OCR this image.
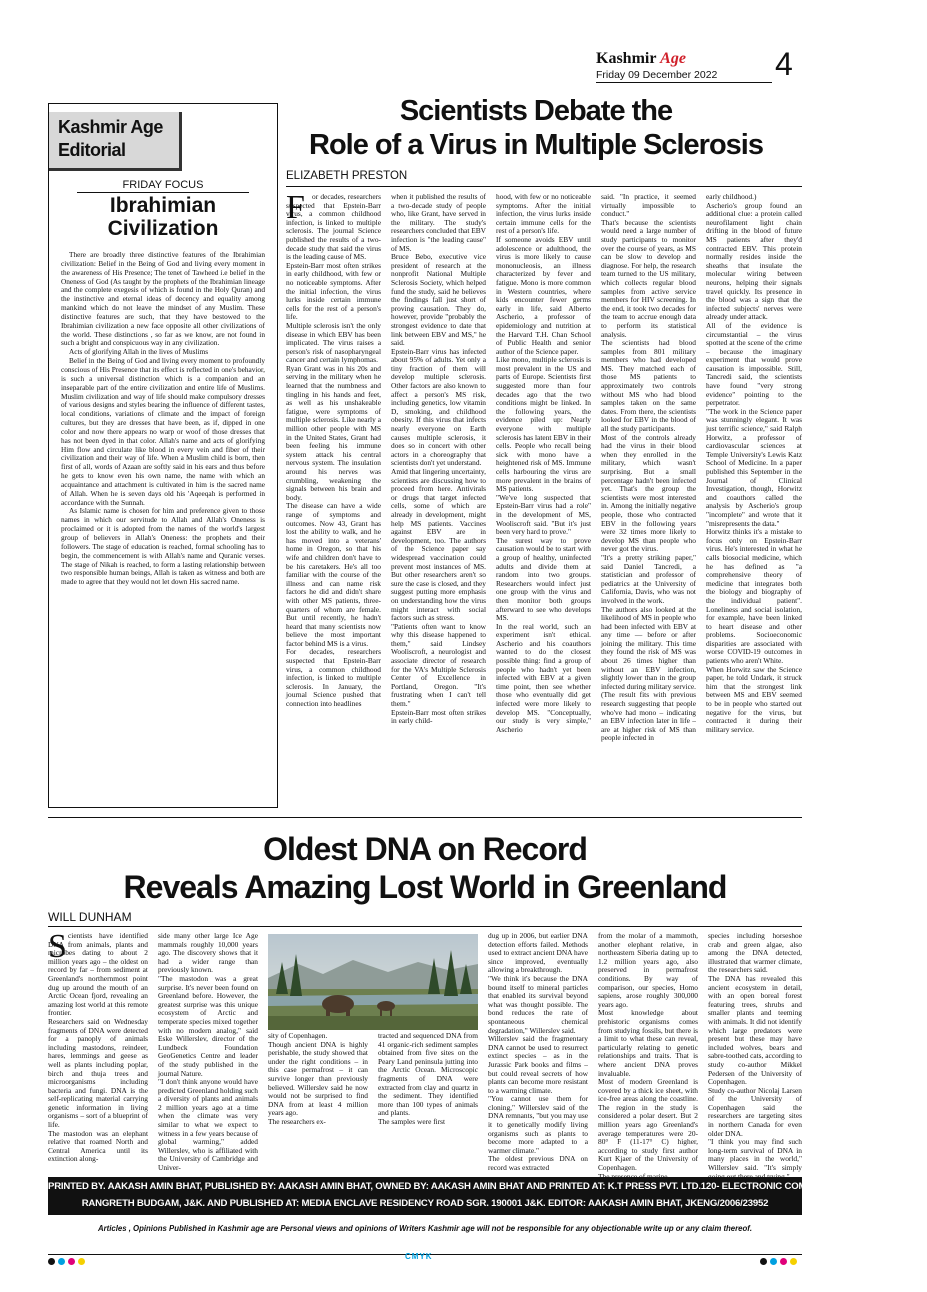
Kashmir Age
Friday 09 December 2022 4
Kashmir Age
Editorial
FRIDAY FOCUS
Ibrahimian
Civilization

There are broadly three distinctive features of the Ibrahimian civilization: Belief in the Being of God and living every moment in the awareness of His Presence; The tenet of Tawheed i.e belief in the Oneness of God (As taught by the prophets of the Ibrahimian lineage and the complete exegesis of which is found in the Holy Quran) and the instinctive and eternal ideas of decency and equality among mankind which do not leave the mindset of any Muslim. These distinctive features are such, that they have bestowed to the Ibrahimian civilization a new face opposite all other civilizations of the world. These distinctions , so far as we know, are not found in such a bright and conspicuous way in any civilization.

Acts of glorifying Allah in the lives of Muslims

Belief in the Being of God and living every moment to profoundly conscious of His Presence that its effect is reflected in one's behavior, is such a universal distinction which is a companion and an inseparable part of the entire civilization and entire life of Muslims. Muslim civilization and way of life should make compulsory dresses of various designs and styles bearing the influence of different tastes, local conditions, variations of climate and the impact of foreign cultures, but they are dresses that have been, as if, dipped in one color and now there appears no warp or woof of those dresses that has not been dyed in that color. Allah's name and acts of glorifying Him flow and circulate like blood in every vein and fiber of their civilization and their way of life. When a Muslim child is born, then first of all, words of Azaan are softly said in his ears and thus before he gets to know even his own name, the name with which an acquaintance and attachment is cultivated in him is the sacred name of Allah. When he is seven days old his 'Aqeeqah is performed in accordance with the Sunnah.

As Islamic name is chosen for him and preference given to those names in which our servitude to Allah and Allah's Oneness is proclaimed or it is adopted from the names of the world's largest group of believers in Allah's Oneness: the prophets and their followers. The stage of education is reached, formal schooling has to begin, the commencement is with Allah's name and Quranic verses. The stage of Nikah is reached, to form a lasting relationship between two responsible human beings, Allah is taken as witness and both are made to agree that they would not let down His sacred name.

Scientists Debate the
Role of a Virus in Multiple Sclerosis
ELIZABETH PRESTON
F or decades, researchers suspected that Epstein-Barr virus, a common childhood infection, is linked to multiple sclerosis. The journal Science published the results of a two-decade study that said the virus is the leading cause of MS.
Epstein-Barr most often strikes in early childhood, with few or no noticeable symptoms. After the initial infection, the virus lurks inside certain immune cells for the rest of a person's life.
Multiple sclerosis isn't the only disease in which EBV has been implicated. The virus raises a person's risk of nasopharyngeal cancer and certain lymphomas.
Ryan Grant was in his 20s and serving in the military when he learned that the numbness and tingling in his hands and feet, as well as his unshakeable fatigue, were symptoms of multiple sclerosis. Like nearly a million other people with MS in the United States, Grant had been feeling his immune system attack his central nervous system. The insulation around his nerves was crumbling, weakening the signals between his brain and body.
The disease can have a wide range of symptoms and outcomes. Now 43, Grant has lost the ability to walk, and he has moved into a veterans' home in Oregon, so that his wife and children don't have to be his caretakers. He's all too familiar with the course of the illness and can name risk factors he did and didn't share with other MS patients, three-quarters of whom are female. But until recently, he hadn't heard that many scientists now believe the most important factor behind MS is a virus.
For decades, researchers suspected that Epstein-Barr virus, a common childhood infection, is linked to multiple sclerosis. In January, the journal Science pushed that connection into headlines
when it published the results of a two-decade study of people who, like Grant, have served in the military. The study's researchers concluded that EBV infection is "the leading cause" of MS.
Bruce Bebo, executive vice president of research at the nonprofit National Multiple Sclerosis Society, which helped fund the study, said he believes the findings fall just short of proving causation. They do, however, provide "probably the strongest evidence to date that link between EBV and MS," he said.
Epstein-Barr virus has infected about 95% of adults. Yet only a tiny fraction of them will develop multiple sclerosis. Other factors are also known to affect a person's MS risk, including genetics, low vitamin D, smoking, and childhood obesity. If this virus that infects nearly everyone on Earth causes multiple sclerosis, it does so in concert with other actors in a choreography that scientists don't yet understand.
Amid that lingering uncertainty, scientists are discussing how to proceed from here. Antivirals or drugs that target infected cells, some of which are already in development, might help MS patients. Vaccines against EBV are in development, too. The authors of the Science paper say widespread vaccination could prevent most instances of MS. But other researchers aren't so sure the case is closed, and they suggest putting more emphasis on understanding how the virus might interact with social factors such as stress.
"Patients often want to know why this disease happened to them," said Lindsey Wooliscroft, a neurologist and associate director of research for the VA's Multiple Sclerosis Center of Excellence in Portland, Oregon. "It's frustrating when I can't tell them."
Epstein-Barr most often strikes in early child-
hood, with few or no noticeable symptoms. After the initial infection, the virus lurks inside certain immune cells for the rest of a person's life.
If someone avoids EBV until adolescence or adulthood, the virus is more likely to cause mononucleosis, an illness characterized by fever and fatigue. Mono is more common in Western countries, where kids encounter fewer germs early in life, said Alberto Ascherio, a professor of epidemiology and nutrition at the Harvard T.H. Chan School of Public Health and senior author of the Science paper.
Like mono, multiple sclerosis is most prevalent in the US and parts of Europe. Scientists first suggested more than four decades ago that the two conditions might be linked. In the following years, the evidence piled up: Nearly everyone with multiple sclerosis has latent EBV in their cells. People who recall being sick with mono have a heightened risk of MS. Immune cells harbouring the virus are more prevalent in the brains of MS patients.
"We've long suspected that Epstein-Barr virus had a role" in the development of MS, Wooliscroft said. "But it's just been very hard to prove."
The surest way to prove causation would be to start with a group of healthy, uninfected adults and divide them at random into two groups. Researchers would infect just one group with the virus and then monitor both groups afterward to see who develops MS.
In the real world, such an experiment isn't ethical. Ascherio and his coauthors wanted to do the closest possible thing: find a group of people who hadn't yet been infected with EBV at a given time point, then see whether those who eventually did get infected were more likely to develop MS. "Conceptually, our study is very simple," Ascherio
said. "In practice, it seemed virtually impossible to conduct."
That's because the scientists would need a large number of study participants to monitor over the course of years, as MS can be slow to develop and diagnose. For help, the research team turned to the US military, which collects regular blood samples from active service members for HIV screening. In the end, it took two decades for the team to accrue enough data to perform its statistical analysis.
The scientists had blood samples from 801 military members who had developed MS. They matched each of those MS patients to approximately two controls without MS who had blood samples taken on the same dates. From there, the scientists looked for EBV in the blood of all the study participants.
Most of the controls already had the virus in their blood when they enrolled in the military, which wasn't surprising. But a small percentage hadn't been infected yet. That's the group the scientists were most interested in. Among the initially negative people, those who contracted EBV in the following years were 32 times more likely to develop MS than people who never got the virus.
"It's a pretty striking paper," said Daniel Tancredi, a statistician and professor of pediatrics at the University of California, Davis, who was not involved in the work.
The authors also looked at the likelihood of MS in people who had been infected with EBV at any time — before or after joining the military. This time they found the risk of MS was about 26 times higher than without an EBV infection, slightly lower than in the group infected during military service. (The result fits with previous research suggesting that people who've had mono – indicating an EBV infection later in life – are at higher risk of MS than people infected in
early childhood.)
Ascherio's group found an additional clue: a protein called neurofilament light chain drifting in the blood of future MS patients after they'd contracted EBV. This protein normally resides inside the sheaths that insulate the molecular wiring between neurons, helping their signals travel quickly. Its presence in the blood was a sign that the infected subjects' nerves were already under attack.
All of the evidence is circumstantial – the virus spotted at the scene of the crime – because the imaginary experiment that would prove causation is impossible. Still, Tancredi said, the scientists have found "very strong evidence" pointing to the perpetrator.
"The work in the Science paper was stunningly elegant. It was just terrific science," said Ralph Horwitz, a professor of cardiovascular sciences at Temple University's Lewis Katz School of Medicine. In a paper published this September in the Journal of Clinical Investigation, though, Horwitz and coauthors called the analysis by Ascherio's group "incomplete" and wrote that it "misrepresents the data."
Horwitz thinks it's a mistake to focus only on Epstein-Barr virus. He's interested in what he calls biosocial medicine, which he has defined as "a comprehensive theory of medicine that integrates both the biology and biography of the individual patient". Loneliness and social isolation, for example, have been linked to heart disease and other problems. Socioeconomic disparities are associated with worse COVID-19 outcomes in patients who aren't White.
When Horwitz saw the Science paper, he told Undark, it struck him that the strongest link between MS and EBV seemed to be in people who started out negative for the virus, but contracted it during their military service.
Oldest DNA on Record
Reveals Amazing Lost World in Greenland
WILL DUNHAM
S cientists have identified DNA from animals, plants and microbes dating to about 2 million years ago – the oldest on record by far – from sediment at Greenland's northernmost point dug up around the mouth of an Arctic Ocean fjord, revealing an amazing lost world at this remote frontier.
Researchers said on Wednesday fragments of DNA were detected for a panoply of animals including mastodons, reindeer, hares, lemmings and geese as well as plants including poplar, birch and thuja trees and microorganisms including bacteria and fungi. DNA is the self-replicating material carrying genetic information in living organisms – sort of a blueprint of life.
The mastodon was an elephant relative that roamed North and Central America until its extinction along-
side many other large Ice Age mammals roughly 10,000 years ago. The discovery shows that it had a wider range than previously known.
"The mastodon was a great surprise. It's never been found on Greenland before. However, the greatest surprise was this unique ecosystem of Arctic and temperate species mixed together with no modern analog," said Eske Willerslev, director of the Lundbeck Foundation GeoGenetics Centre and leader of the study published in the journal Nature.
"I don't think anyone would have predicted Greenland holding such a diversity of plants and animals 2 million years ago at a time when the climate was very similar to what we expect to witness in a few years because of global warming," added Willerslev, who is affiliated with the University of Cambridge and Univer-
sity of Copenhagen.
Though ancient DNA is highly perishable, the study showed that under the right conditions – in this case permafrost – it can survive longer than previously believed. Willerslev said he now would not be surprised to find DNA from at least 4 million years ago.
The researchers ex-
tracted and sequenced DNA from 41 organic-rich sediment samples obtained from five sites on the Peary Land peninsula jutting into the Arctic Ocean. Microscopic fragments of DNA were extracted from clay and quartz in the sediment. They identified more than 100 types of animals and plants.
The samples were first
dug up in 2006, but earlier DNA detection efforts failed. Methods used to extract ancient DNA have since improved, eventually allowing a breakthrough.
"We think it's because the DNA bound itself to mineral particles that enabled its survival beyond what was thought possible. The bond reduces the rate of spontaneous chemical degradation," Willerslev said.
Willerslev said the fragmentary DNA cannot be used to resurrect extinct species – as in the Jurassic Park books and films – but could reveal secrets of how plants can become more resistant to a warming climate.
"You cannot use them for cloning," Willerslev said of the DNA remnants, "but you may use it to genetically modify living organisms such as plants to become more adapted to a warmer climate."
The oldest previous DNA on record was extracted
from the molar of a mammoth, another elephant relative, in northeastern Siberia dating up to 1.2 million years ago, also preserved in permafrost conditions. By way of comparison, our species, Homo sapiens, arose roughly 300,000 years ago.
Most knowledge about prehistoric organisms comes from studying fossils, but there is a limit to what these can reveal, particularly relating to genetic relationships and traits. That is where ancient DNA proves invaluable.
Most of modern Greenland is covered by a thick ice sheet, with ice-free areas along the coastline. The region in the study is considered a polar desert. But 2 million years ago Greenland's average temperatures were 20-80° F (11-17° C) higher, according to study first author Kurt Kjaer of the University of Copenhagen.

species including horseshoe crab and green algae, also among the DNA detected, illustrated that warmer climate, the researchers said.
The DNA has revealed this ancient ecosystem in detail, with an open boreal forest featuring trees, shrubs and smaller plants and teeming with animals. It did not identify which large predators were present but these may have included wolves, bears and sabre-toothed cats, according to study co-author Mikkel Pedersen of the University of Copenhagen.
Study co-author Nicolaj Larsen of the University of Copenhagen said the researchers are targeting sites in northern Canada for even older DNA.
"I think you may find such long-term survival of DNA in many places in the world," Willerslev said. "It's simply
PRINTED BY. AAKASH AMIN BHAT, PUBLISHED BY: AAKASH AMIN BHAT, OWNED BY: AAKASH AMIN BHAT AND PRINTED AT: K.T PRESS PVT. LTD.120- ELECTRONIC COMPLEX INDUSTRIAL ESTATE
RANGRETH BUDGAM, J&K. AND PUBLISHED AT: MEDIA ENCLAVE RESIDENCY ROAD SGR. 190001 J&K. EDITOR: AAKASH AMIN BHAT, JKENG/2006/23952
Articles , Opinions Published in Kashmir age are Personal views and opinions of Writers Kashmir age will not be responsible for any objectionable write up or any claim thereof.
CMYK
